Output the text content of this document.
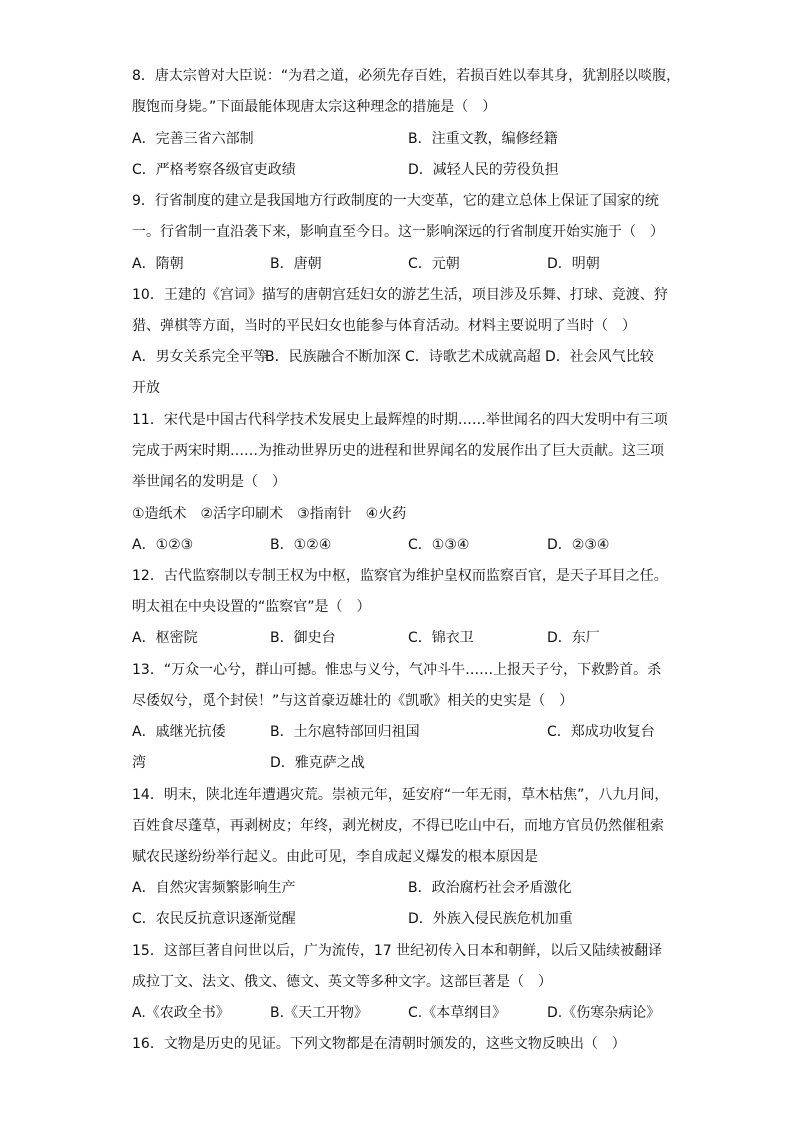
8．唐太宗曾对大臣说：“为君之道，必须先存百姓，若损百姓以奉其身，犹割胫以啖腹，
腹饱而身毙。”下面最能体现唐太宗这种理念的措施是（　）
A．完善三省六部制	B．注重文教，编修经籍
C．严格考察各级官吏政绩	D．减轻人民的劳役负担
9．行省制度的建立是我国地方行政制度的一大变革，它的建立总体上保证了国家的统
一。行省制一直沿袭下来，影响直至今日。这一影响深远的行省制度开始实施于（　）
A．隋朝	B．唐朝	C．元朝	D．明朝
10．王建的《宫词》描写的唐朝宫廷妇女的游艺生活，项目涉及乐舞、打球、竞渡、狩
猎、弹棋等方面，当时的平民妇女也能参与体育活动。材料主要说明了当时（　）
A．男女关系完全平等
B．民族融合不断加深 C．诗歌艺术成就高超 D．社会风气比较
开放
11．宋代是中国古代科学技术发展史上最辉煌的时期……举世闻名的四大发明中有三项
完成于两宋时期……为推动世界历史的进程和世界闻名的发展作出了巨大贡献。这三项
举世闻名的发明是（　）
①造纸术　②活字印刷术　③指南针　④火药
A．①②③	B．①②④	C．①③④	D．②③④
12．古代监察制以专制王权为中枢，监察官为维护皇权而监察百官，是天子耳目之任。
明太祖在中央设置的“监察官”是（　）
A．枢密院	B．御史台	C．锦衣卫	D．东厂
13．“万众一心兮，群山可撼。惟忠与义兮，气冲斗牛……上报天子兮，下救黔首。杀
尽倭奴兮，觅个封侯！”与这首豪迈雄壮的《凯歌》相关的史实是（　）
A．戚继光抗倭	B．土尔扈特部回归祖国	C．郑成功收复台
湾	D．雅克萨之战
14．明末，陕北连年遭遇灾荒。崇祯元年，延安府“一年无雨，草木枯焦”，八九月间，
百姓食尽蓬草，再剥树皮；年终，剥光树皮，不得已吃山中石，而地方官员仍然催租索
赋农民遂纷纷举行起义。由此可见，李自成起义爆发的根本原因是
A．自然灾害频繁影响生产	B．政治腐朽社会矛盾激化
C．农民反抗意识逐渐觉醒	D．外族入侵民族危机加重
15．这部巨著自问世以后，广为流传，17 世纪初传入日本和朝鲜，以后又陆续被翻译
成拉丁文、法文、俄文、德文、英文等多种文字。这部巨著是（　）
A.《农政全书》	B.《天工开物》	C.《本草纲目》	D.《伤寒杂病论》
16．文物是历史的见证。下列文物都是在清朝时颁发的，这些文物反映出（　）
